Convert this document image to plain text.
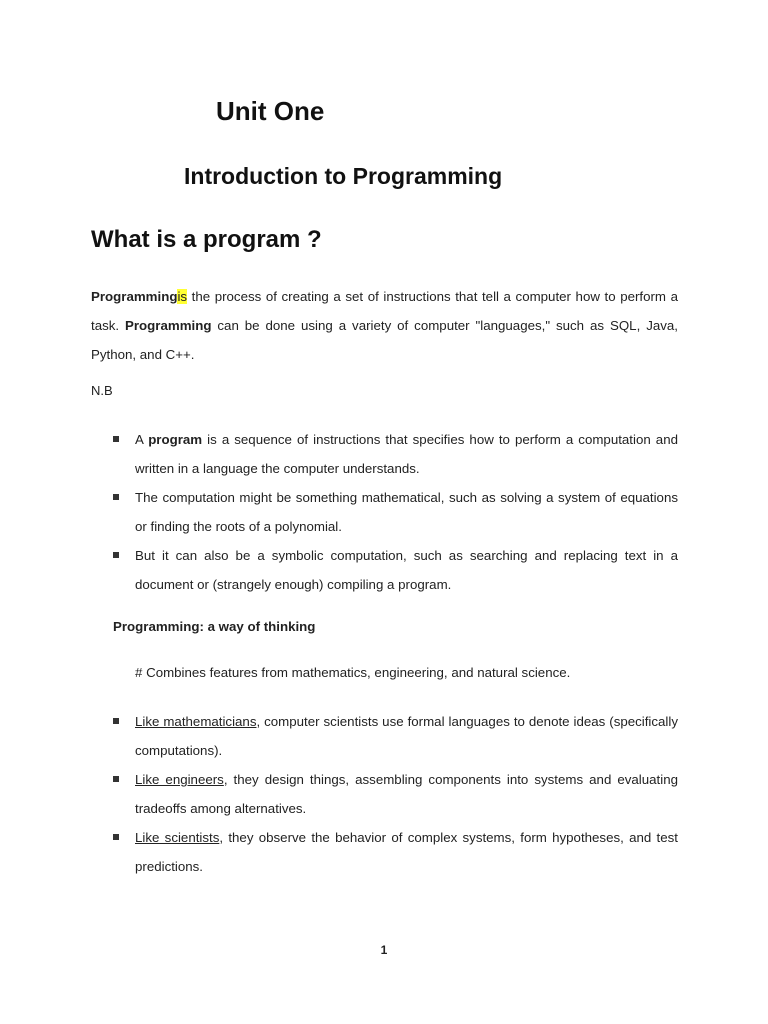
Unit One
Introduction to Programming
What is a program ?

Programmingis the process of creating a set of instructions that tell a computer how to perform a task. Programming can be done using a variety of computer "languages," such as SQL, Java, Python, and C++.

N.B
A program is a sequence of instructions that specifies how to perform a computation and written in a language the computer understands.
The computation might be something mathematical, such as solving a system of equations or finding the roots of a polynomial.
But it can also be a symbolic computation, such as searching and replacing text in a document or (strangely enough) compiling a program.
Programming: a way of thinking
# Combines features from mathematics, engineering, and natural science.
Like mathematicians, computer scientists use formal languages to denote ideas (specifically computations).
Like engineers, they design things, assembling components into systems and evaluating tradeoffs among alternatives.
Like scientists, they observe the behavior of complex systems, form hypotheses, and test predictions.
1
